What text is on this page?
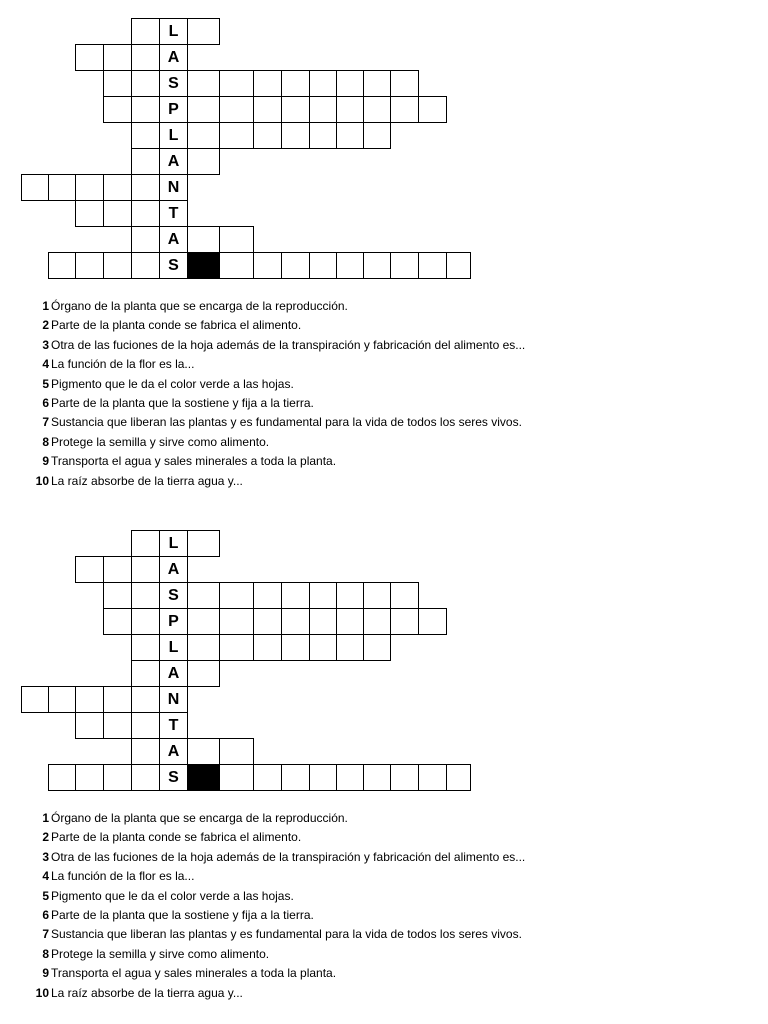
L
A
S
P
L
A
N
T
A
S
1 Órgano de la planta que se encarga de la reproducción.
2 Parte de la planta conde se fabrica el alimento.
3 Otra de las fuciones de la hoja además de la transpiración y fabricación del alimento es...
4 La función de la flor es la...
5 Pigmento que le da el color verde a las hojas.
6 Parte de la planta que la sostiene y fija a la tierra.
7 Sustancia que liberan las plantas y es fundamental para la vida de todos los seres vivos.
8 Protege la semilla y sirve como alimento.
9 Transporta el agua y sales minerales a toda la planta.
10 La raíz absorbe de la tierra agua y...
L
A
S
P
L
A
N
T
A
S
1 Órgano de la planta que se encarga de la reproducción.
2 Parte de la planta conde se fabrica el alimento.
3 Otra de las fuciones de la hoja además de la transpiración y fabricación del alimento es...
4 La función de la flor es la...
5 Pigmento que le da el color verde a las hojas.
6 Parte de la planta que la sostiene y fija a la tierra.
7 Sustancia que liberan las plantas y es fundamental para la vida de todos los seres vivos.
8 Protege la semilla y sirve como alimento.
9 Transporta el agua y sales minerales a toda la planta.
10 La raíz absorbe de la tierra agua y...
